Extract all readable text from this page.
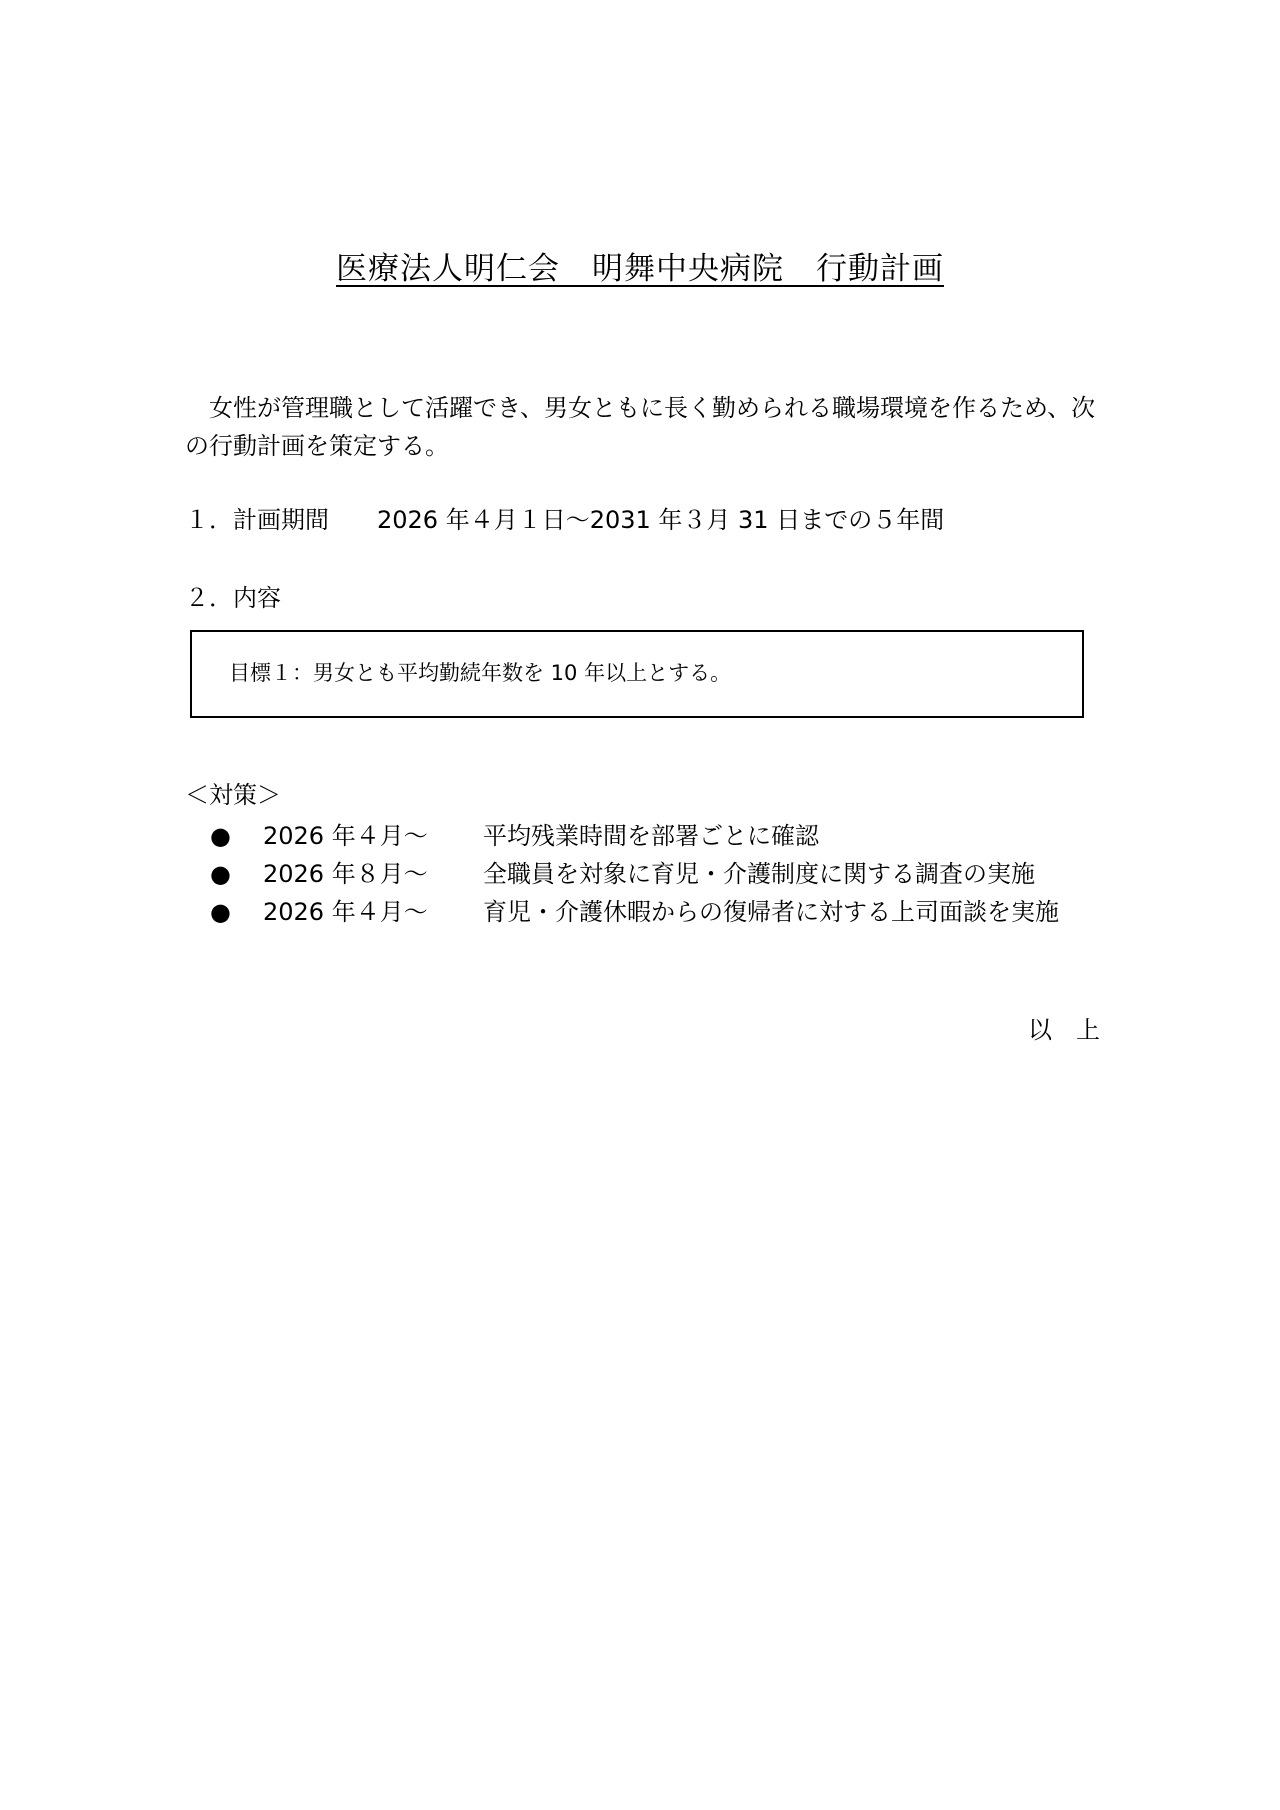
医療法人明仁会　明舞中央病院　行動計画

女性が管理職として活躍でき、男女ともに長く勤められる職場環境を作るため、次の行動計画を策定する。

１．計画期間 2026 年４月１日〜2031 年３月 31 日までの５年間
２．内容
目標１：男女とも平均勤続年数を 10 年以上とする。
＜対策＞
●	2026 年４月〜	平均残業時間を部署ごとに確認
●	2026 年８月〜	全職員を対象に育児・介護制度に関する調査の実施
●	2026 年４月〜	育児・介護休暇からの復帰者に対する上司面談を実施
以　上
